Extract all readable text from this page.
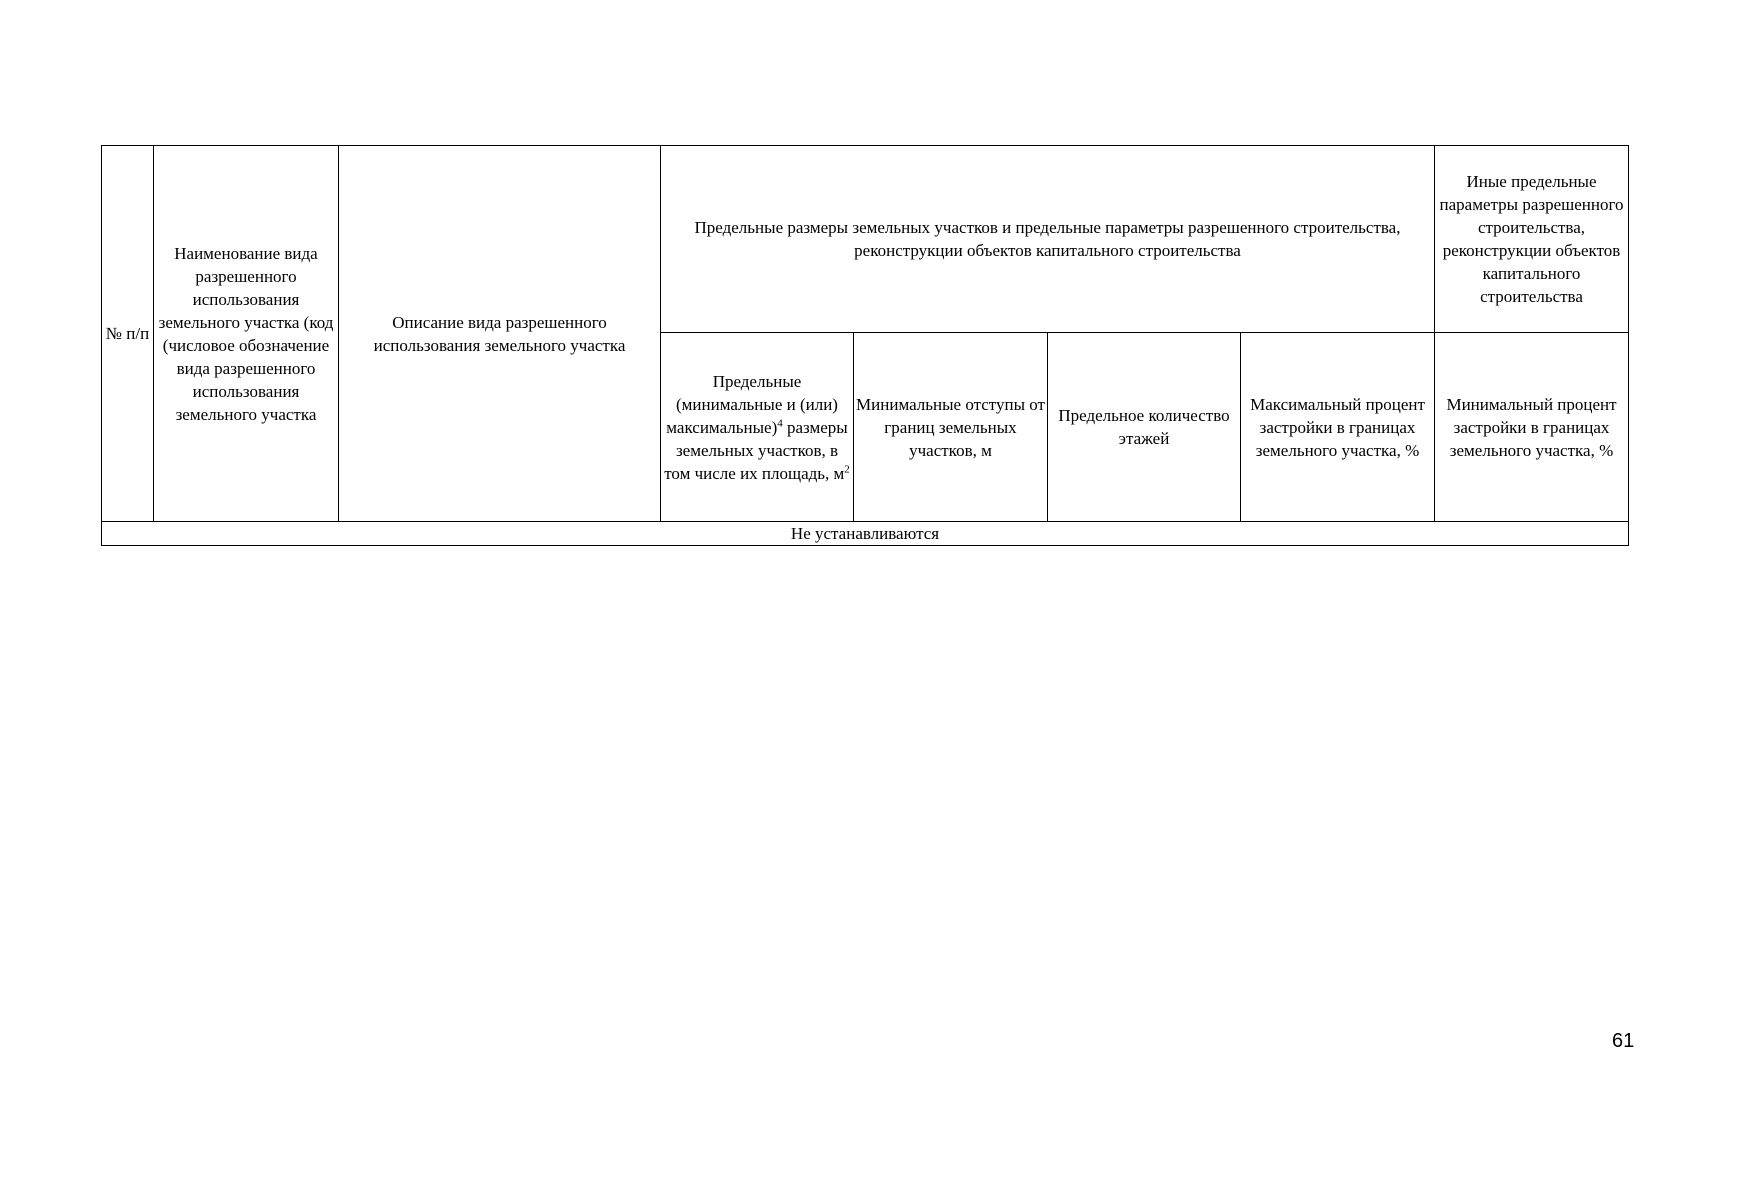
№ п/п	Наименование вида разрешенного использования земельного участка (код (числовое обозначение вида разрешенного использования земельного участка	Описание вида разрешенного использования земельного участка	Предельные размеры земельных участков и предельные параметры разрешенного строительства, реконструкции объектов капитального строительства				Иные предельные параметры разрешенного строительства, реконструкции объектов капитального строительства
			Предельные (минимальные и (или) максимальные)$^4$ размеры земельных участков, в том числе их площадь, м$^2$	Минимальные отступы от границ земельных участков, м	Предельное количество этажей	Максимальный процент застройки в границах земельного участка, %	Минимальный процент застройки в границах земельного участка, %
Не устанавливаются							
61
